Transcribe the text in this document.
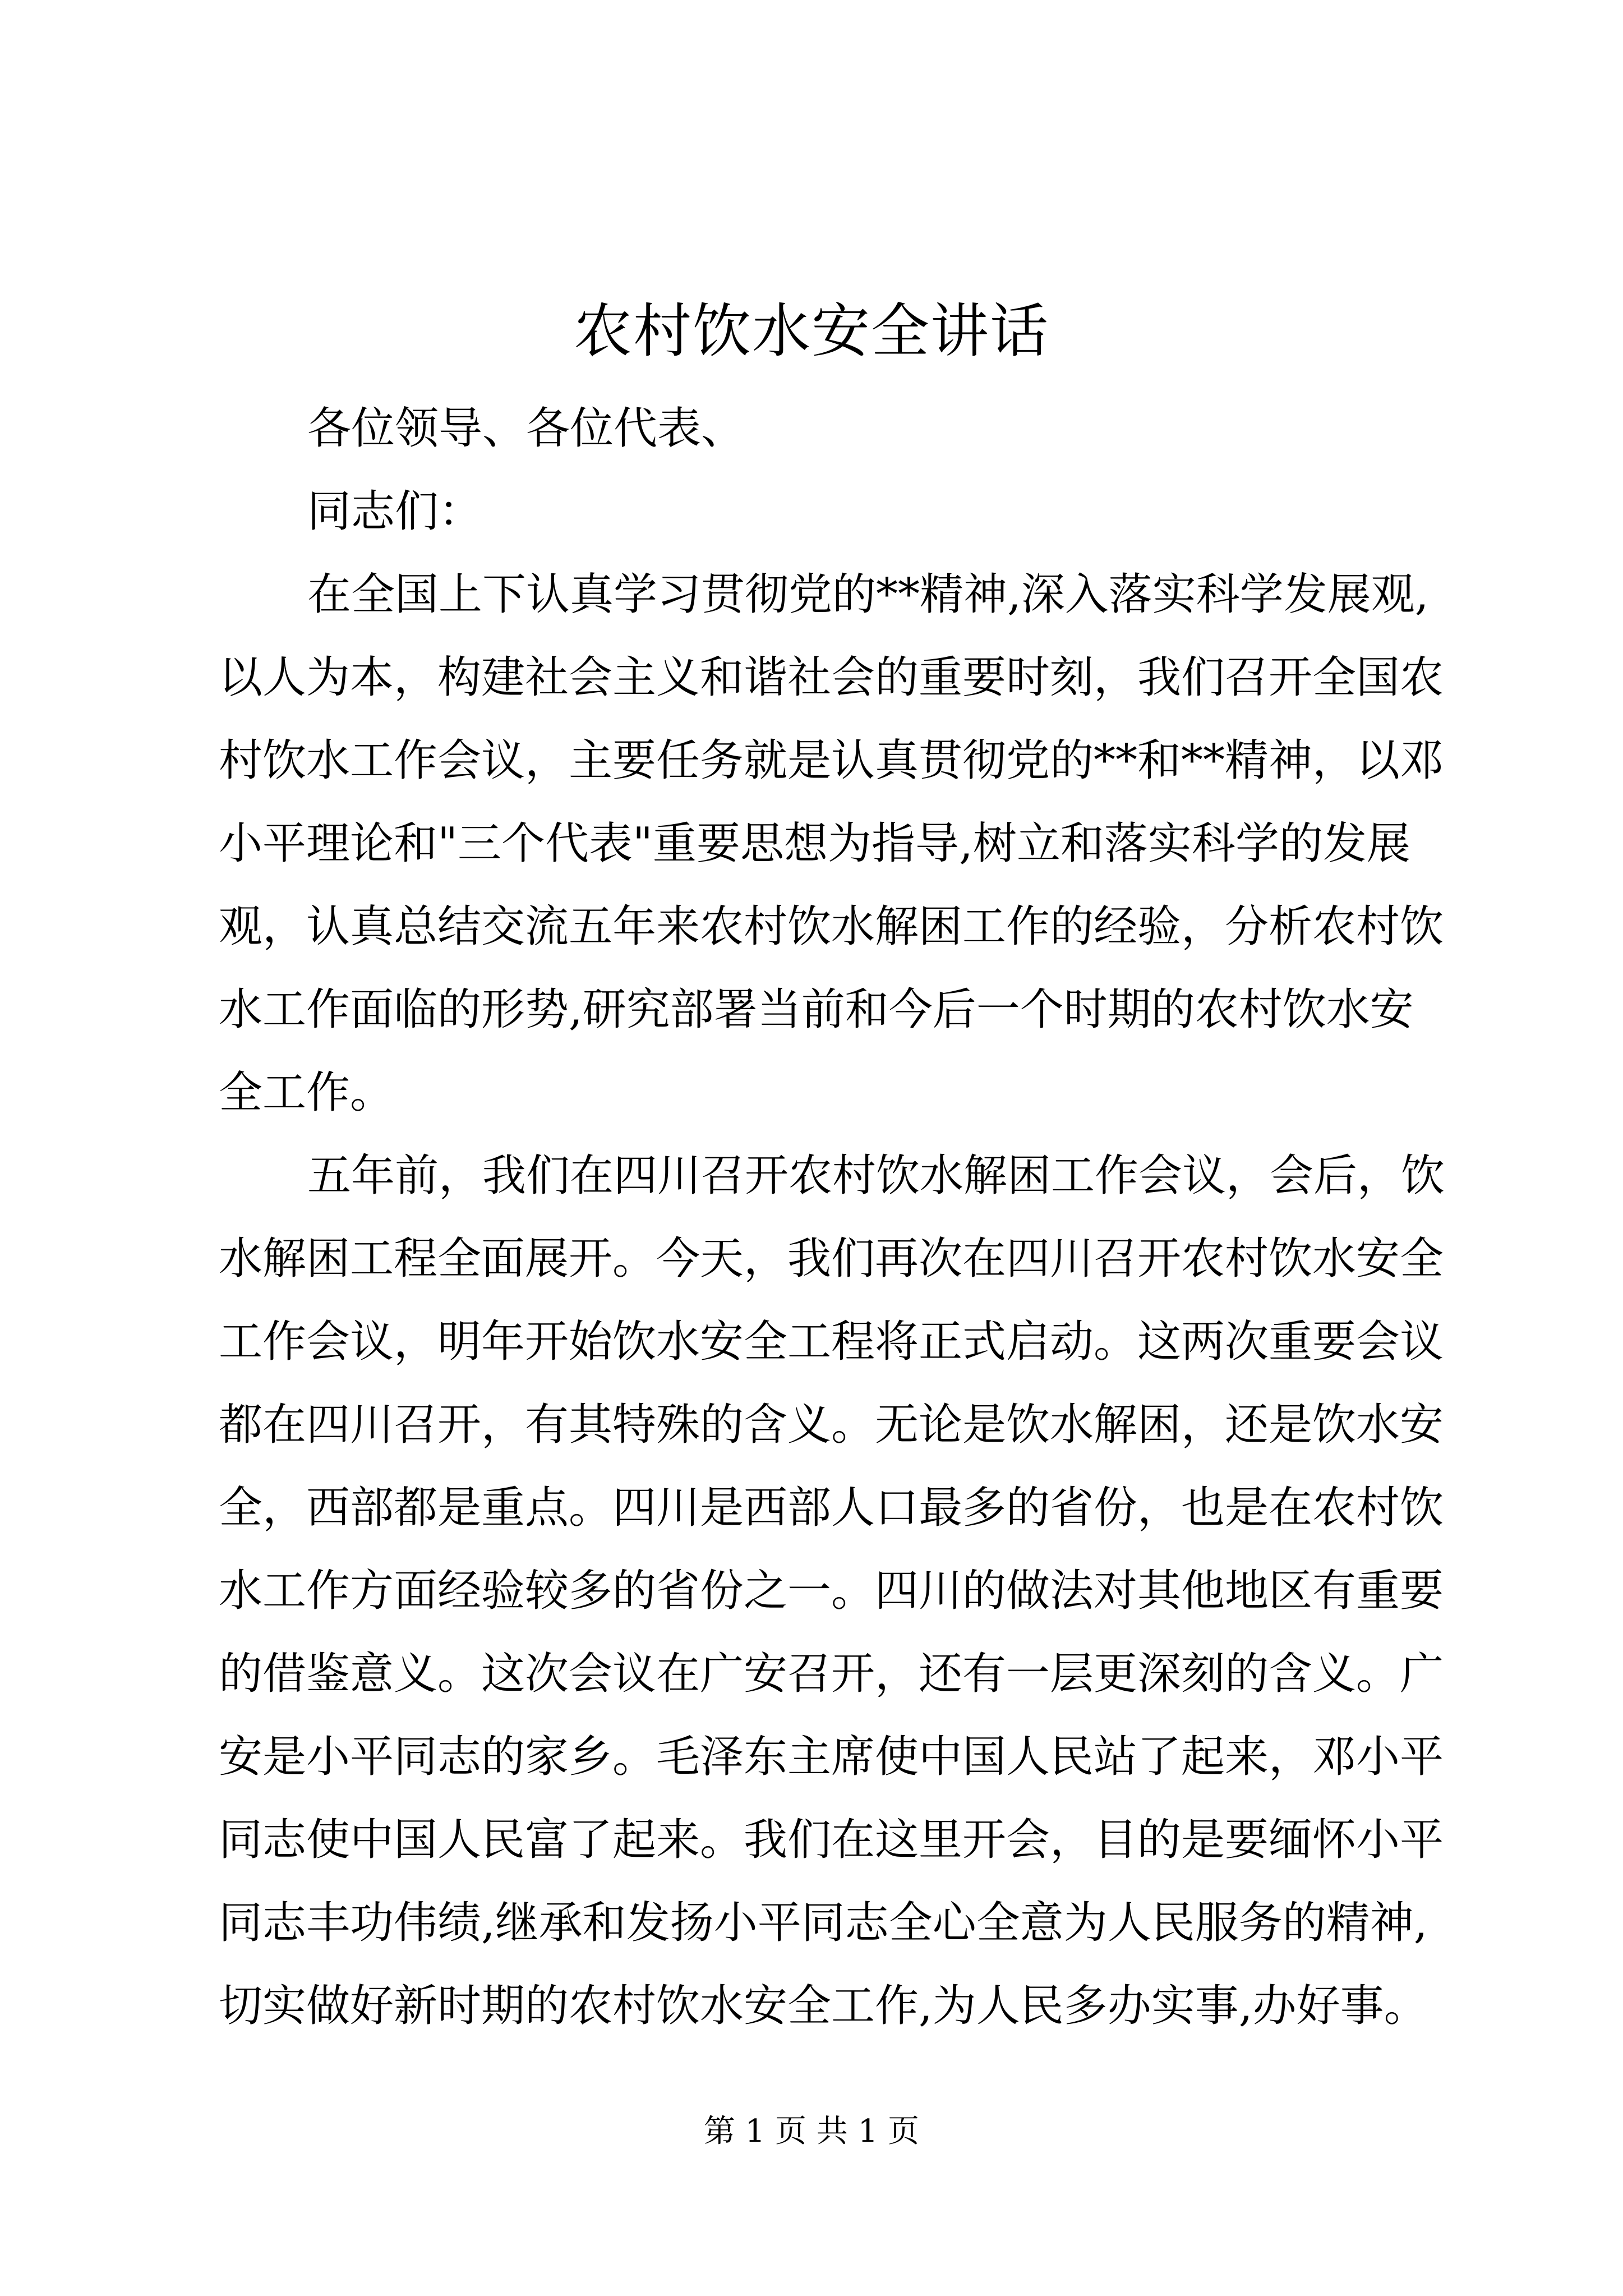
农村饮水安全讲话
各位领导、各位代表、
同志们：
在全国上下认真学习贯彻党的**精神,深入落实科学发展观,
以人为本，构建社会主义和谐社会的重要时刻，我们召开全国农
村饮水工作会议，主要任务就是认真贯彻党的**和**精神，以邓
小平理论和"三个代表"重要思想为指导,树立和落实科学的发展
观，认真总结交流五年来农村饮水解困工作的经验，分析农村饮
水工作面临的形势,研究部署当前和今后一个时期的农村饮水安
全工作。
五年前，我们在四川召开农村饮水解困工作会议，会后，饮
水解困工程全面展开。今天，我们再次在四川召开农村饮水安全
工作会议，明年开始饮水安全工程将正式启动。这两次重要会议
都在四川召开，有其特殊的含义。无论是饮水解困，还是饮水安
全，西部都是重点。四川是西部人口最多的省份，也是在农村饮
水工作方面经验较多的省份之一。四川的做法对其他地区有重要
的借鉴意义。这次会议在广安召开，还有一层更深刻的含义。广
安是小平同志的家乡。毛泽东主席使中国人民站了起来，邓小平
同志使中国人民富了起来。我们在这里开会，目的是要缅怀小平
同志丰功伟绩,继承和发扬小平同志全心全意为人民服务的精神,
切实做好新时期的农村饮水安全工作,为人民多办实事,办好事。
第 1 页 共 1 页
